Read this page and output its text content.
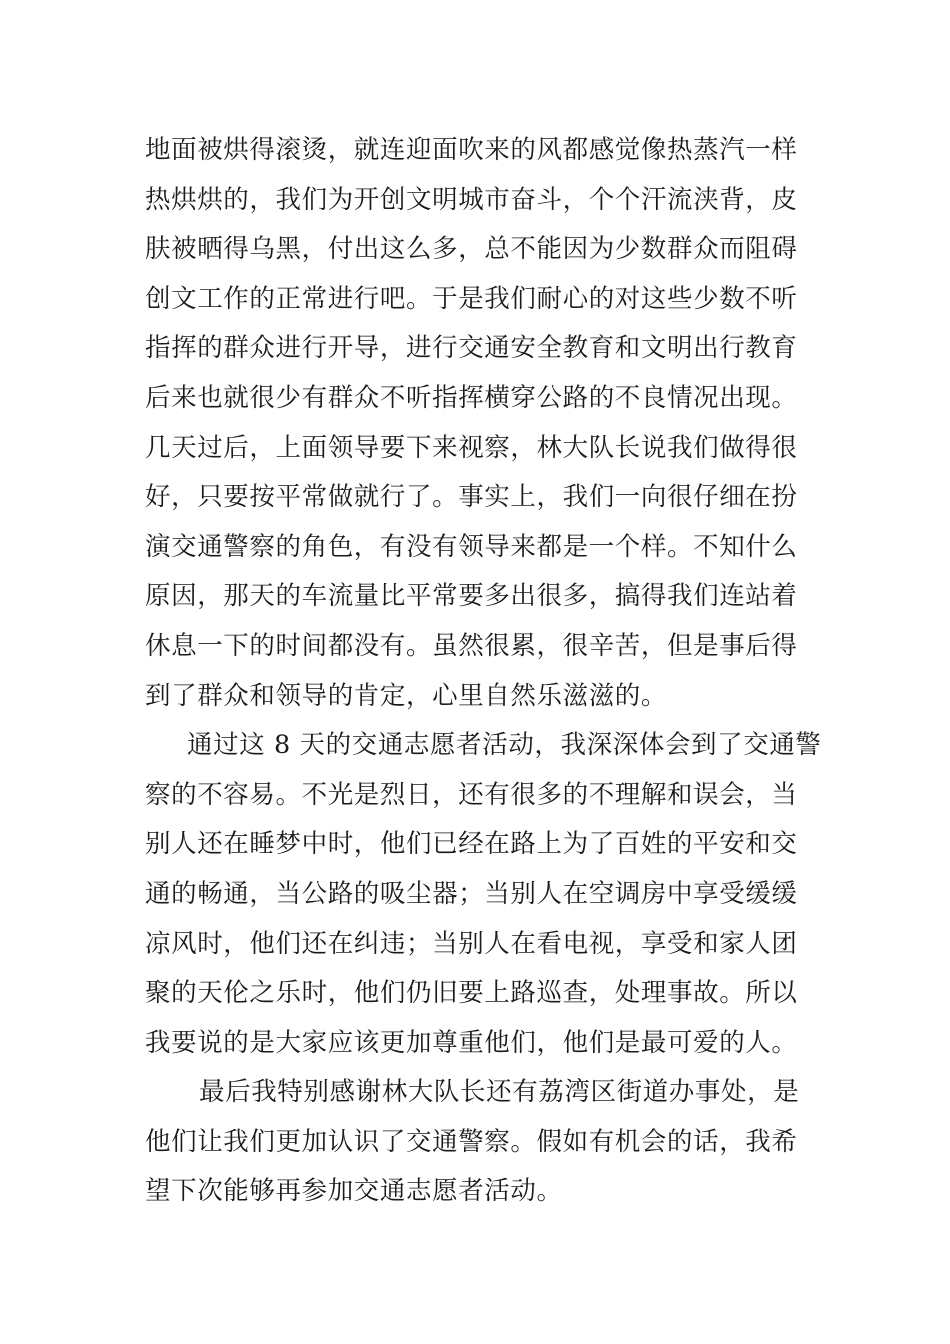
地面被烘得滚烫，就连迎面吹来的风都感觉像热蒸汽一样
热烘烘的，我们为开创文明城市奋斗，个个汗流浃背，皮
肤被晒得乌黑，付出这么多，总不能因为少数群众而阻碍
创文工作的正常进行吧。于是我们耐心的对这些少数不听
指挥的群众进行开导，进行交通安全教育和文明出行教育
后来也就很少有群众不听指挥横穿公路的不良情况出现。
几天过后，上面领导要下来视察，林大队长说我们做得很
好，只要按平常做就行了。事实上，我们一向很仔细在扮
演交通警察的角色，有没有领导来都是一个样。不知什么
原因，那天的车流量比平常要多出很多，搞得我们连站着
休息一下的时间都没有。虽然很累，很辛苦，但是事后得
到了群众和领导的肯定，心里自然乐滋滋的。
通过这 8 天的交通志愿者活动，我深深体会到了交通警
察的不容易。不光是烈日，还有很多的不理解和误会，当
别人还在睡梦中时，他们已经在路上为了百姓的平安和交
通的畅通，当公路的吸尘器；当别人在空调房中享受缓缓
凉风时，他们还在纠违；当别人在看电视，享受和家人团
聚的天伦之乐时，他们仍旧要上路巡查，处理事故。所以
我要说的是大家应该更加尊重他们，他们是最可爱的人。
最后我特别感谢林大队长还有荔湾区街道办事处，是
他们让我们更加认识了交通警察。假如有机会的话，我希
望下次能够再参加交通志愿者活动。
